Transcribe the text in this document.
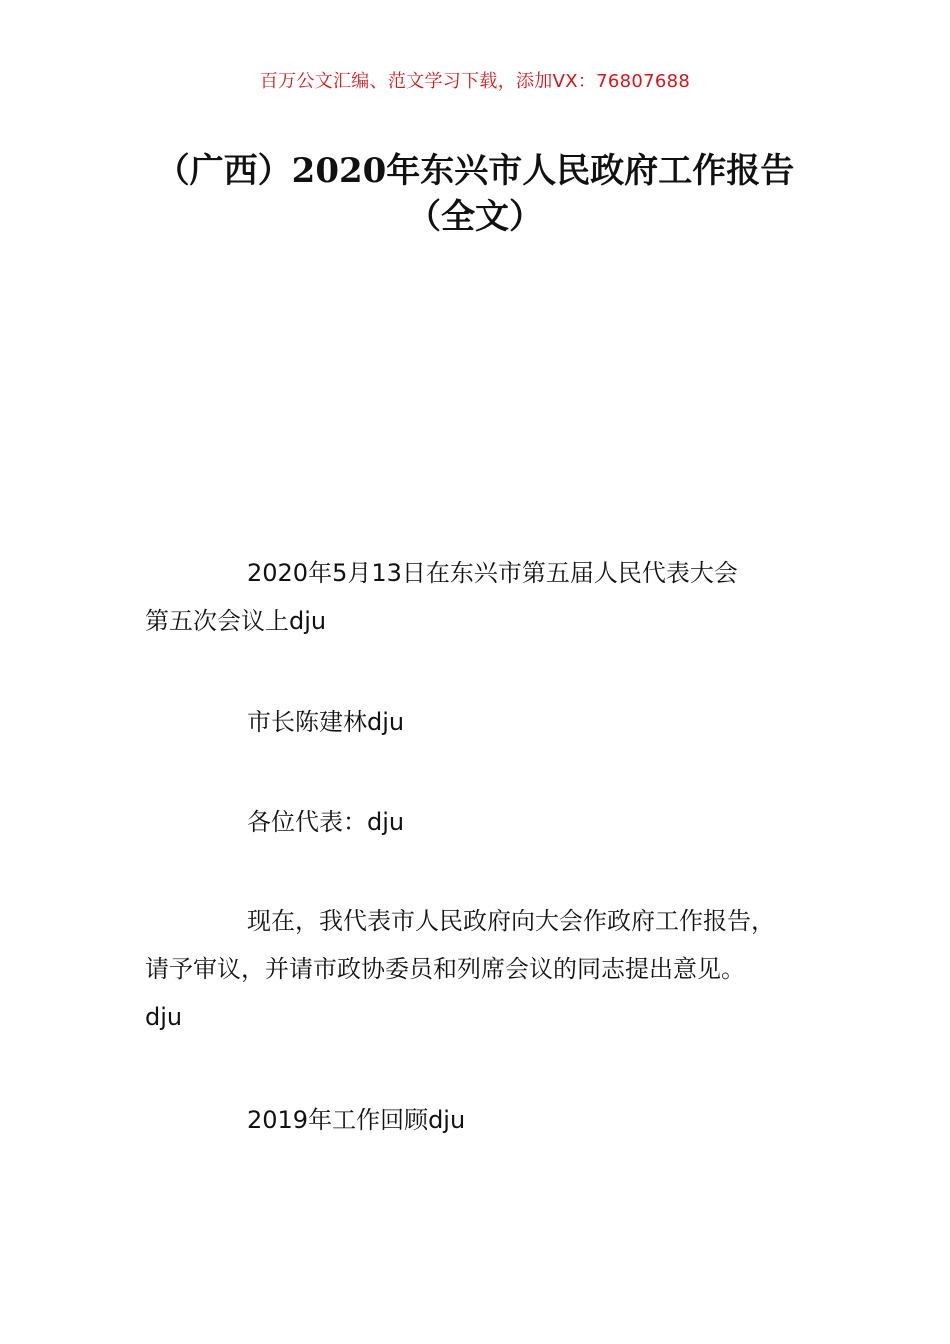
百万公文汇编、范文学习下载，添加VX：76807688
（广西）2020年东兴市人民政府工作报告
（全文）

2020年5月13日在东兴市第五届人民代表大会
第五次会议上dju

市长陈建林dju

各位代表：dju

现在，我代表市人民政府向大会作政府工作报告，
请予审议，并请市政协委员和列席会议的同志提出意见。
dju

2019年工作回顾dju
